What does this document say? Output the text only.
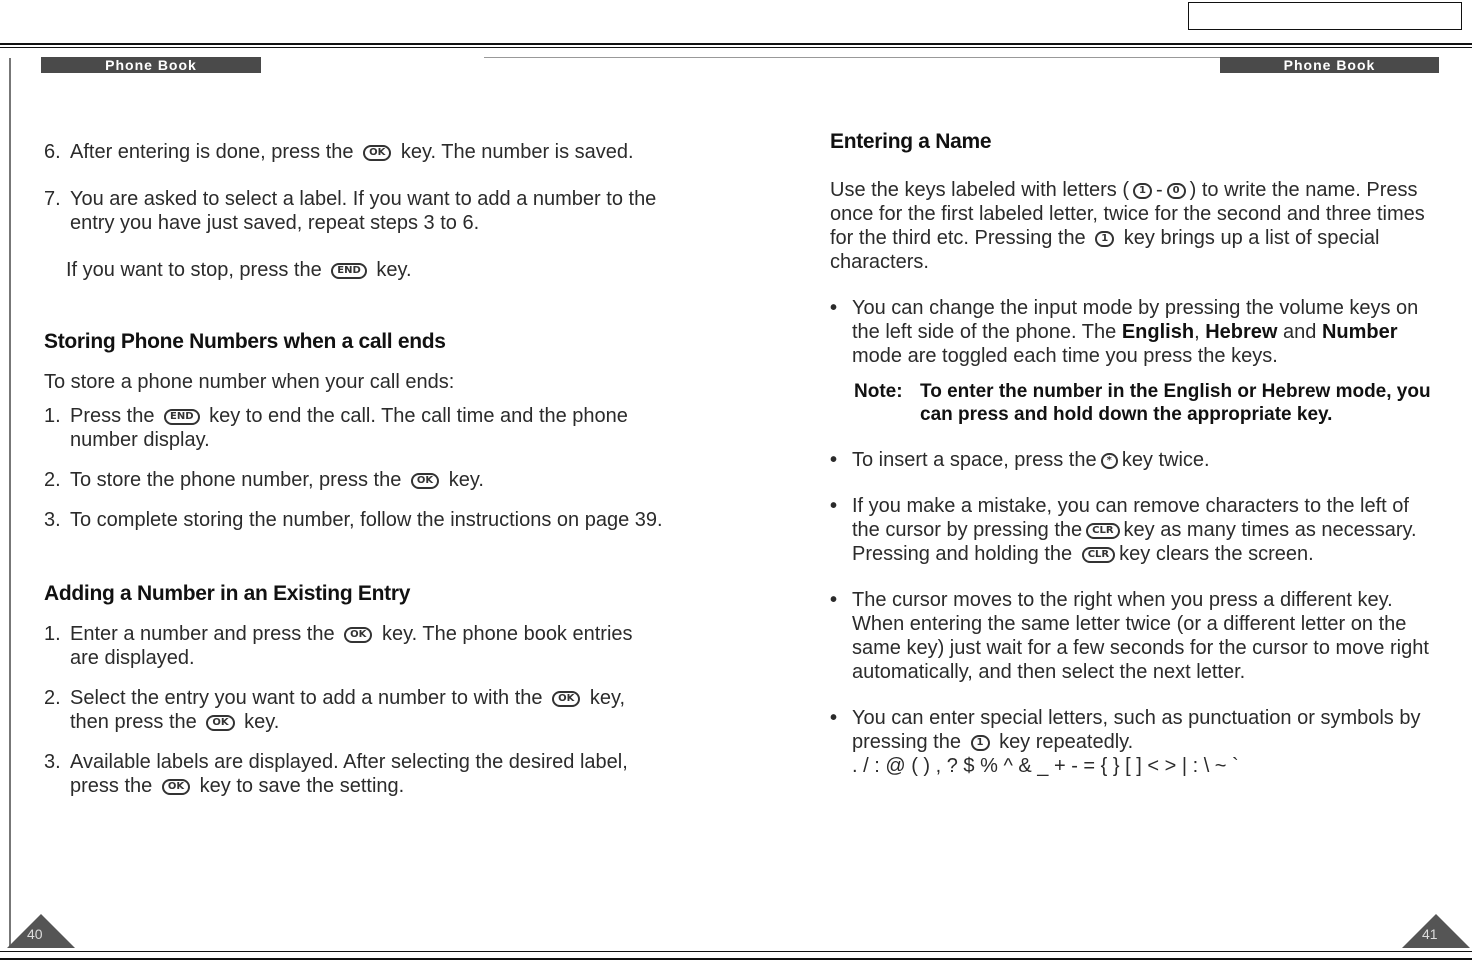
Phone Book	Phone Book
6. After entering is done, press the OK key. The number is saved.
7. You are asked to select a label. If you want to add a number to the entry you have just saved, repeat steps 3 to 6.
If you want to stop, press the END key.
Storing Phone Numbers when a call ends
To store a phone number when your call ends:
1. Press the END key to end the call. The call time and the phone number display.
2. To store the phone number, press the OK key.
3. To complete storing the number, follow the instructions on page 39.
Adding a Number in an Existing Entry
1. Enter a number and press the OK key. The phone book entries are displayed.
2. Select the entry you want to add a number to with the OK key, then press the OK key.
3. Available labels are displayed. After selecting the desired label, press the OK key to save the setting.
Entering a Name
Use the keys labeled with letters ( 1 - 0 ) to write the name. Press once for the first labeled letter, twice for the second and three times for the third etc. Pressing the 1 key brings up a list of special characters.
• You can change the input mode by pressing the volume keys on the left side of the phone. The English, Hebrew and Number mode are toggled each time you press the keys.
Note: To enter the number in the English or Hebrew mode, you can press and hold down the appropriate key.
• To insert a space, press the * key twice.
• If you make a mistake, you can remove characters to the left of the cursor by pressing the CLR key as many times as necessary. Pressing and holding the CLR key clears the screen.
• The cursor moves to the right when you press a different key. When entering the same letter twice (or a different letter on the same key) just wait for a few seconds for the cursor to move right automatically, and then select the next letter.
• You can enter special letters, such as punctuation or symbols by pressing the 1 key repeatedly.
. / : @ ( ) , ? $ % ^ & _ + - = { } [ ] < > | : \ ~ `
40	41
